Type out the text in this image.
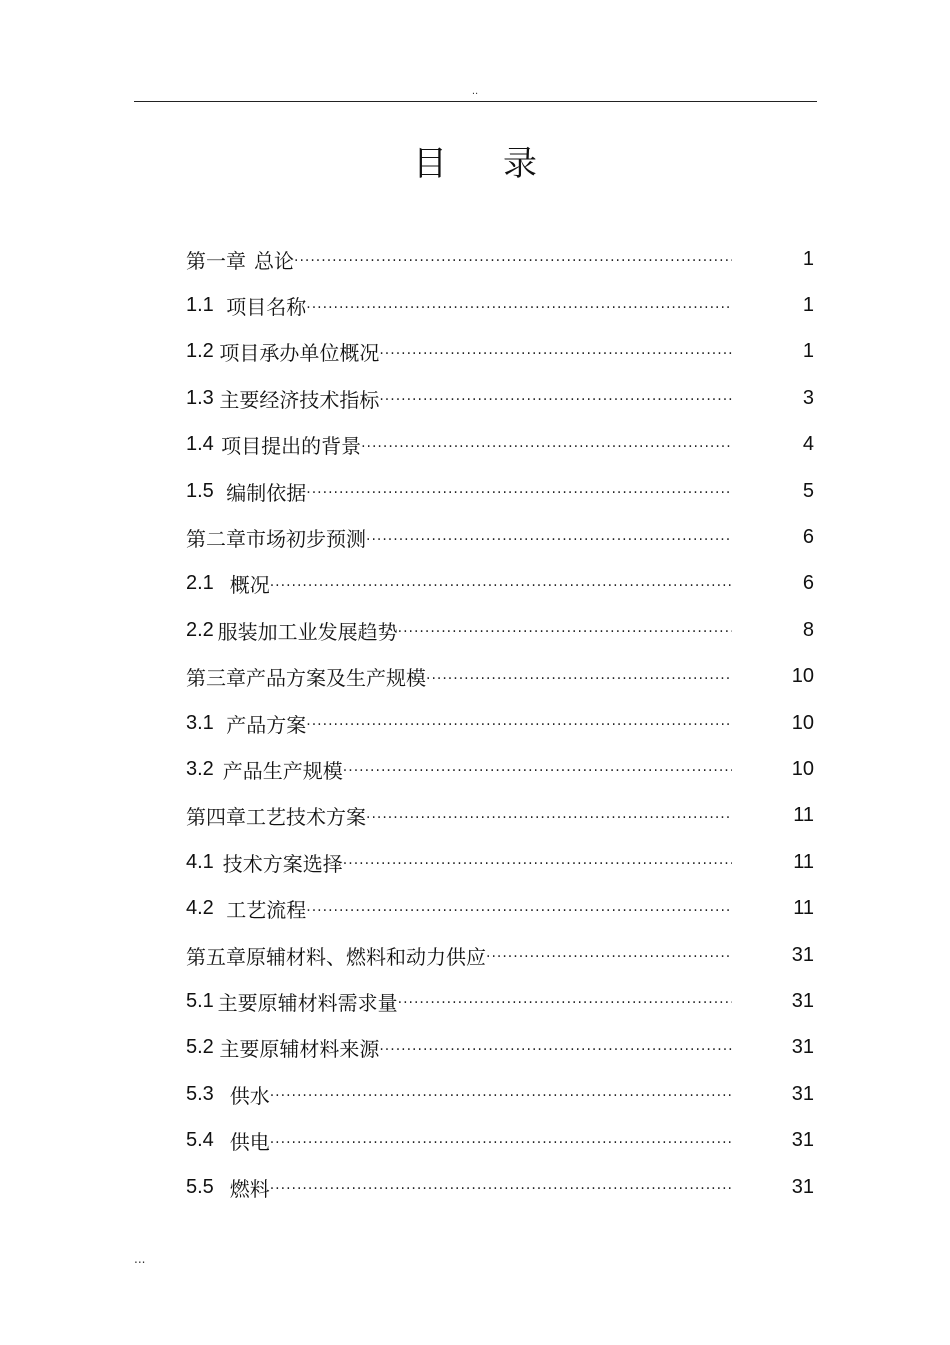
..
目录
第一章 总论 ·····	1
1.1 项目名称 ·····	1
1.2 项目承办单位概况 ·····	1
1.3 主要经济技术指标 ·····	3
1.4 项目提出的背景 ·····	4
1.5 编制依据 ·····	5
第二章 市场初步预测 ·····	6
2.1 概况 ·····	6
2.2 服装加工业发展趋势 ·····	8
第三章 产品方案及生产规模 ·····	10
3.1 产品方案 ·····	10
3.2 产品生产规模 ·····	10
第四章 工艺技术方案 ·····	11
4.1 技术方案选择 ·····	11
4.2 工艺流程 ·····	11
第五章 原辅材料、燃料和动力供应 ·····	31
5.1 主要原辅材料需求量 ·····	31
5.2 主要原辅材料来源 ·····	31
5.3 供水 ·····	31
5.4 供电 ·····	31
5.5 燃料 ·····	31
...
